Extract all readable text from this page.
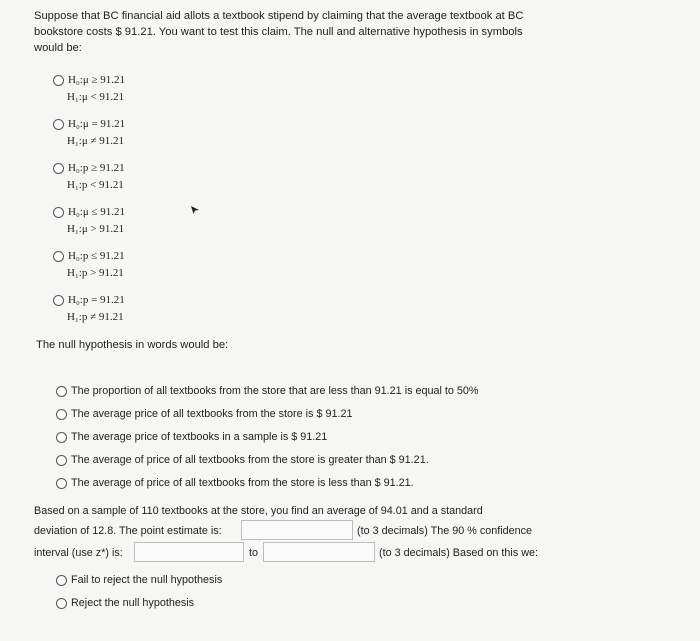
Suppose that BC financial aid allots a textbook stipend by claiming that the average textbook at BC bookstore costs $ 91.21. You want to test this claim. The null and alternative hypothesis in symbols would be:
H₀:μ ≥ 91.21
H₁:μ < 91.21
H₀:μ = 91.21
H₁:μ ≠ 91.21
H₀:p ≥ 91.21
H₁:p < 91.21
H₀:μ ≤ 91.21
H₁:μ > 91.21
H₀:p ≤ 91.21
H₁:p > 91.21
H₀:p = 91.21
H₁:p ≠ 91.21
The null hypothesis in words would be:
The proportion of all textbooks from the store that are less than 91.21 is equal to 50%
The average price of all textbooks from the store is $ 91.21
The average price of textbooks in a sample is $ 91.21
The average of price of all textbooks from the store is greater than $ 91.21.
The average of price of all textbooks from the store is less than $ 91.21.
Based on a sample of 110 textbooks at the store, you find an average of 94.01 and a standard
deviation of 12.8. The point estimate is:	(to 3 decimals) The 90 % confidence
interval (use z*) is:	to	(to 3 decimals) Based on this we:
Fail to reject the null hypothesis
Reject the null hypothesis
